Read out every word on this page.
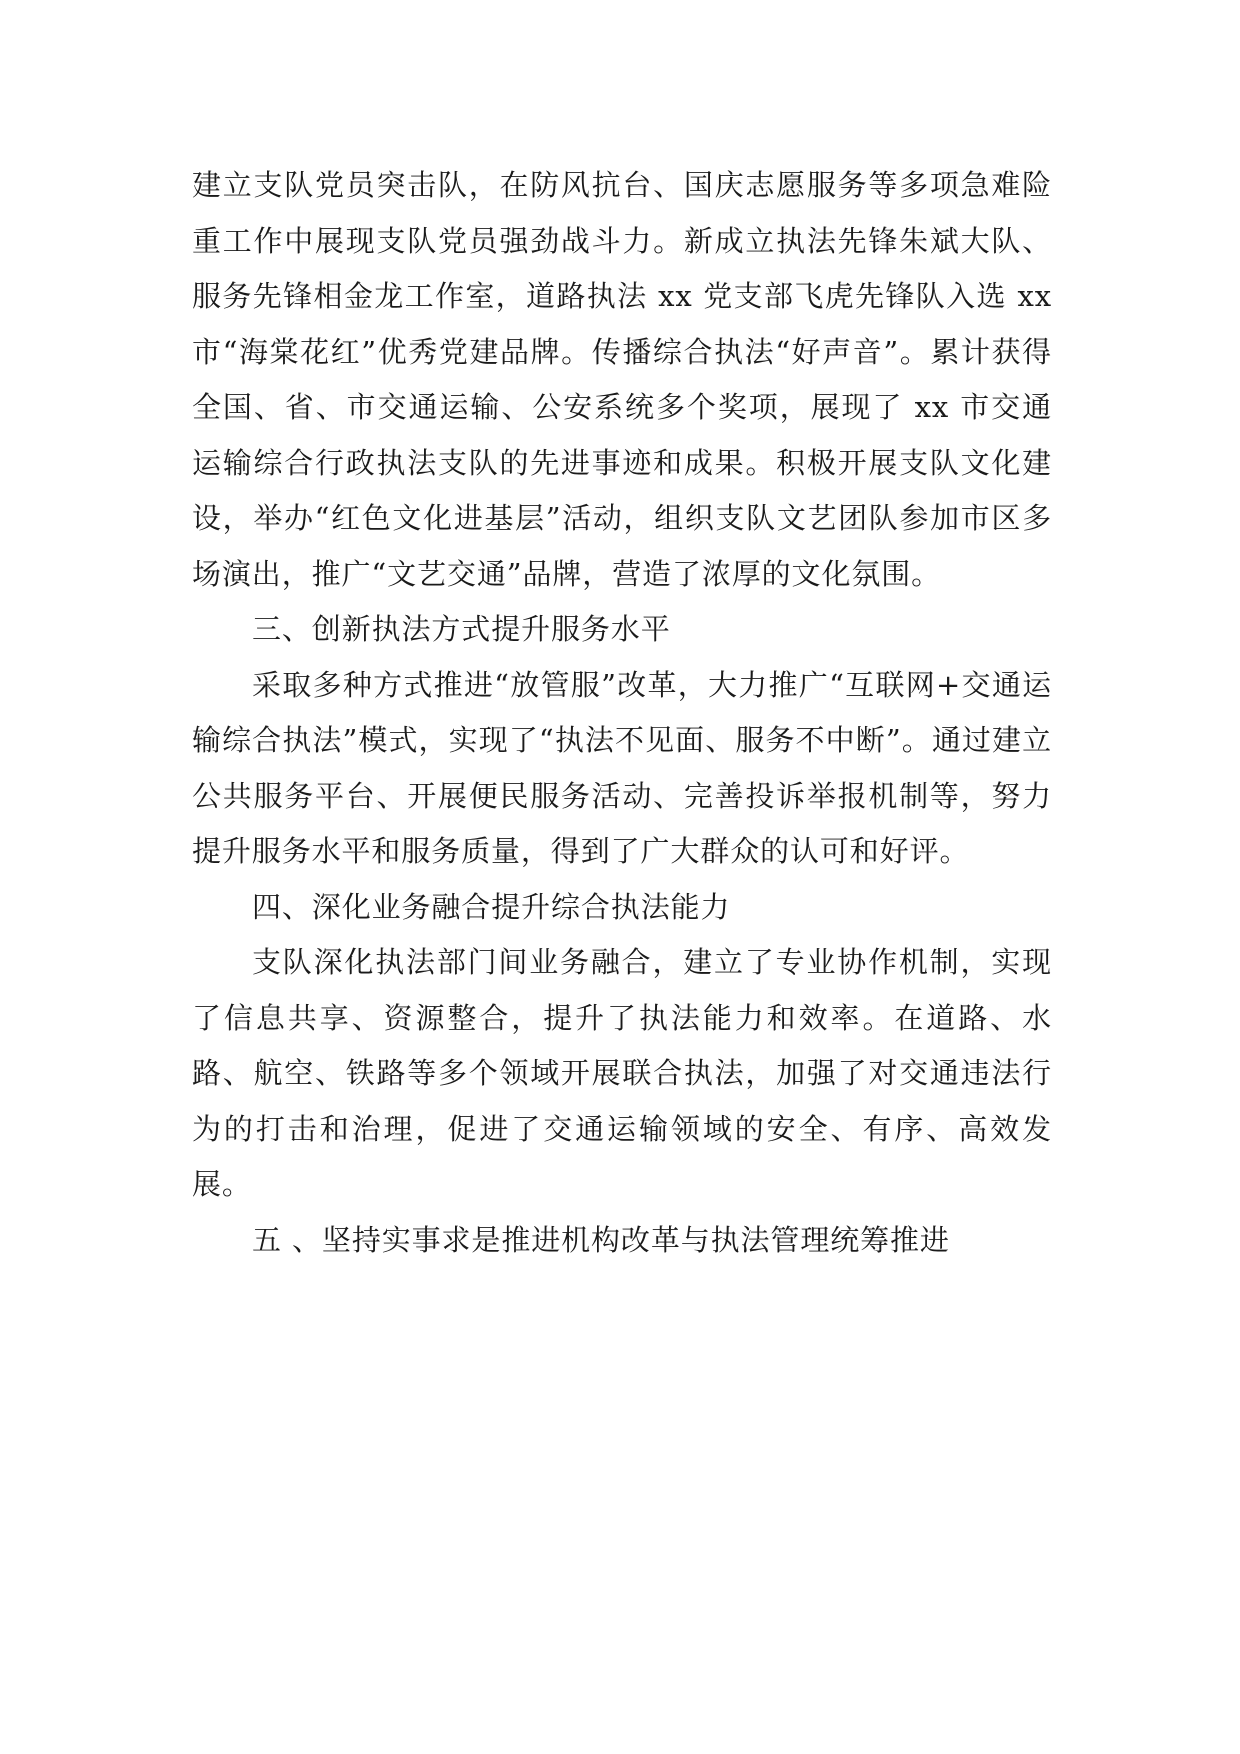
建立支队党员突击队，在防风抗台、国庆志愿服务等多项急难险重工作中展现支队党员强劲战斗力。新成立执法先锋朱斌大队、服务先锋相金龙工作室，道路执法 xx 党支部飞虎先锋队入选 xx 市“海棠花红”优秀党建品牌。传播综合执法“好声音”。累计获得全国、省、市交通运输、公安系统多个奖项，展现了 xx 市交通运输综合行政执法支队的先进事迹和成果。积极开展支队文化建设，举办“红色文化进基层”活动，组织支队文艺团队参加市区多场演出，推广“文艺交通”品牌，营造了浓厚的文化氛围。

三、创新执法方式提升服务水平

采取多种方式推进“放管服”改革，大力推广“互联网+交通运输综合执法”模式，实现了“执法不见面、服务不中断”。通过建立公共服务平台、开展便民服务活动、完善投诉举报机制等，努力提升服务水平和服务质量，得到了广大群众的认可和好评。

四、深化业务融合提升综合执法能力

支队深化执法部门间业务融合，建立了专业协作机制，实现了信息共享、资源整合，提升了执法能力和效率。在道路、水路、航空、铁路等多个领域开展联合执法，加强了对交通违法行为的打击和治理，促进了交通运输领域的安全、有序、高效发展。

五 、坚持实事求是推进机构改革与执法管理统筹推进
